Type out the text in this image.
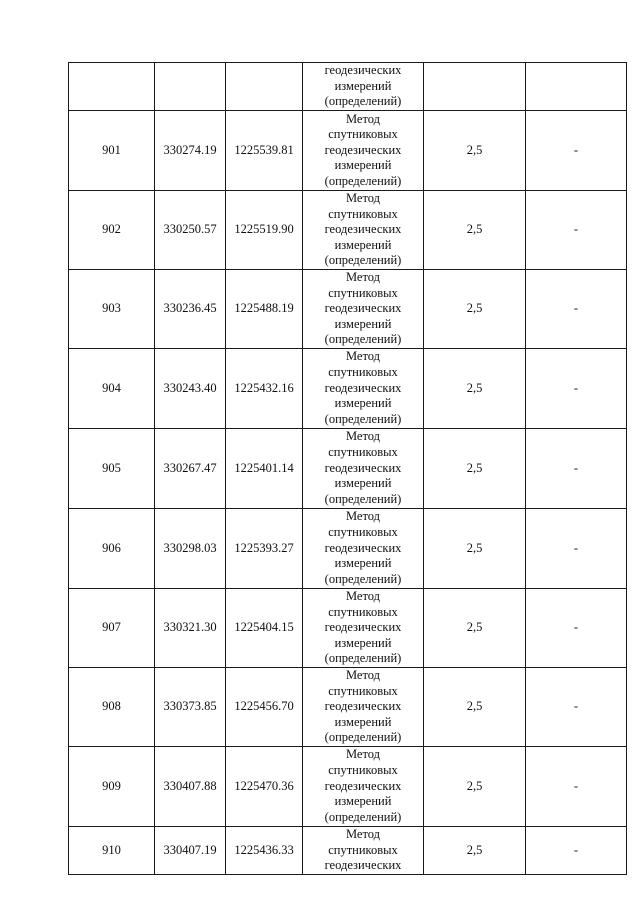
			геодезических
измерений
(определений)		

901	330274.19	1225539.81	Метод
спутниковых
геодезических
измерений
(определений)	2,5	-
902	330250.57	1225519.90	Метод
спутниковых
геодезических
измерений
(определений)	2,5	-
903	330236.45	1225488.19	Метод
спутниковых
геодезических
измерений
(определений)	2,5	-
904	330243.40	1225432.16	Метод
спутниковых
геодезических
измерений
(определений)	2,5	-
905	330267.47	1225401.14	Метод
спутниковых
геодезических
измерений
(определений)	2,5	-
906	330298.03	1225393.27	Метод
спутниковых
геодезических
измерений
(определений)	2,5	-
907	330321.30	1225404.15	Метод
спутниковых
геодезических
измерений
(определений)	2,5	-
908	330373.85	1225456.70	Метод
спутниковых
геодезических
измерений
(определений)	2,5	-
909	330407.88	1225470.36	Метод
спутниковых
геодезических
измерений
(определений)	2,5	-
910	330407.19	1225436.33	Метод
спутниковых
геодезических	2,5	-
